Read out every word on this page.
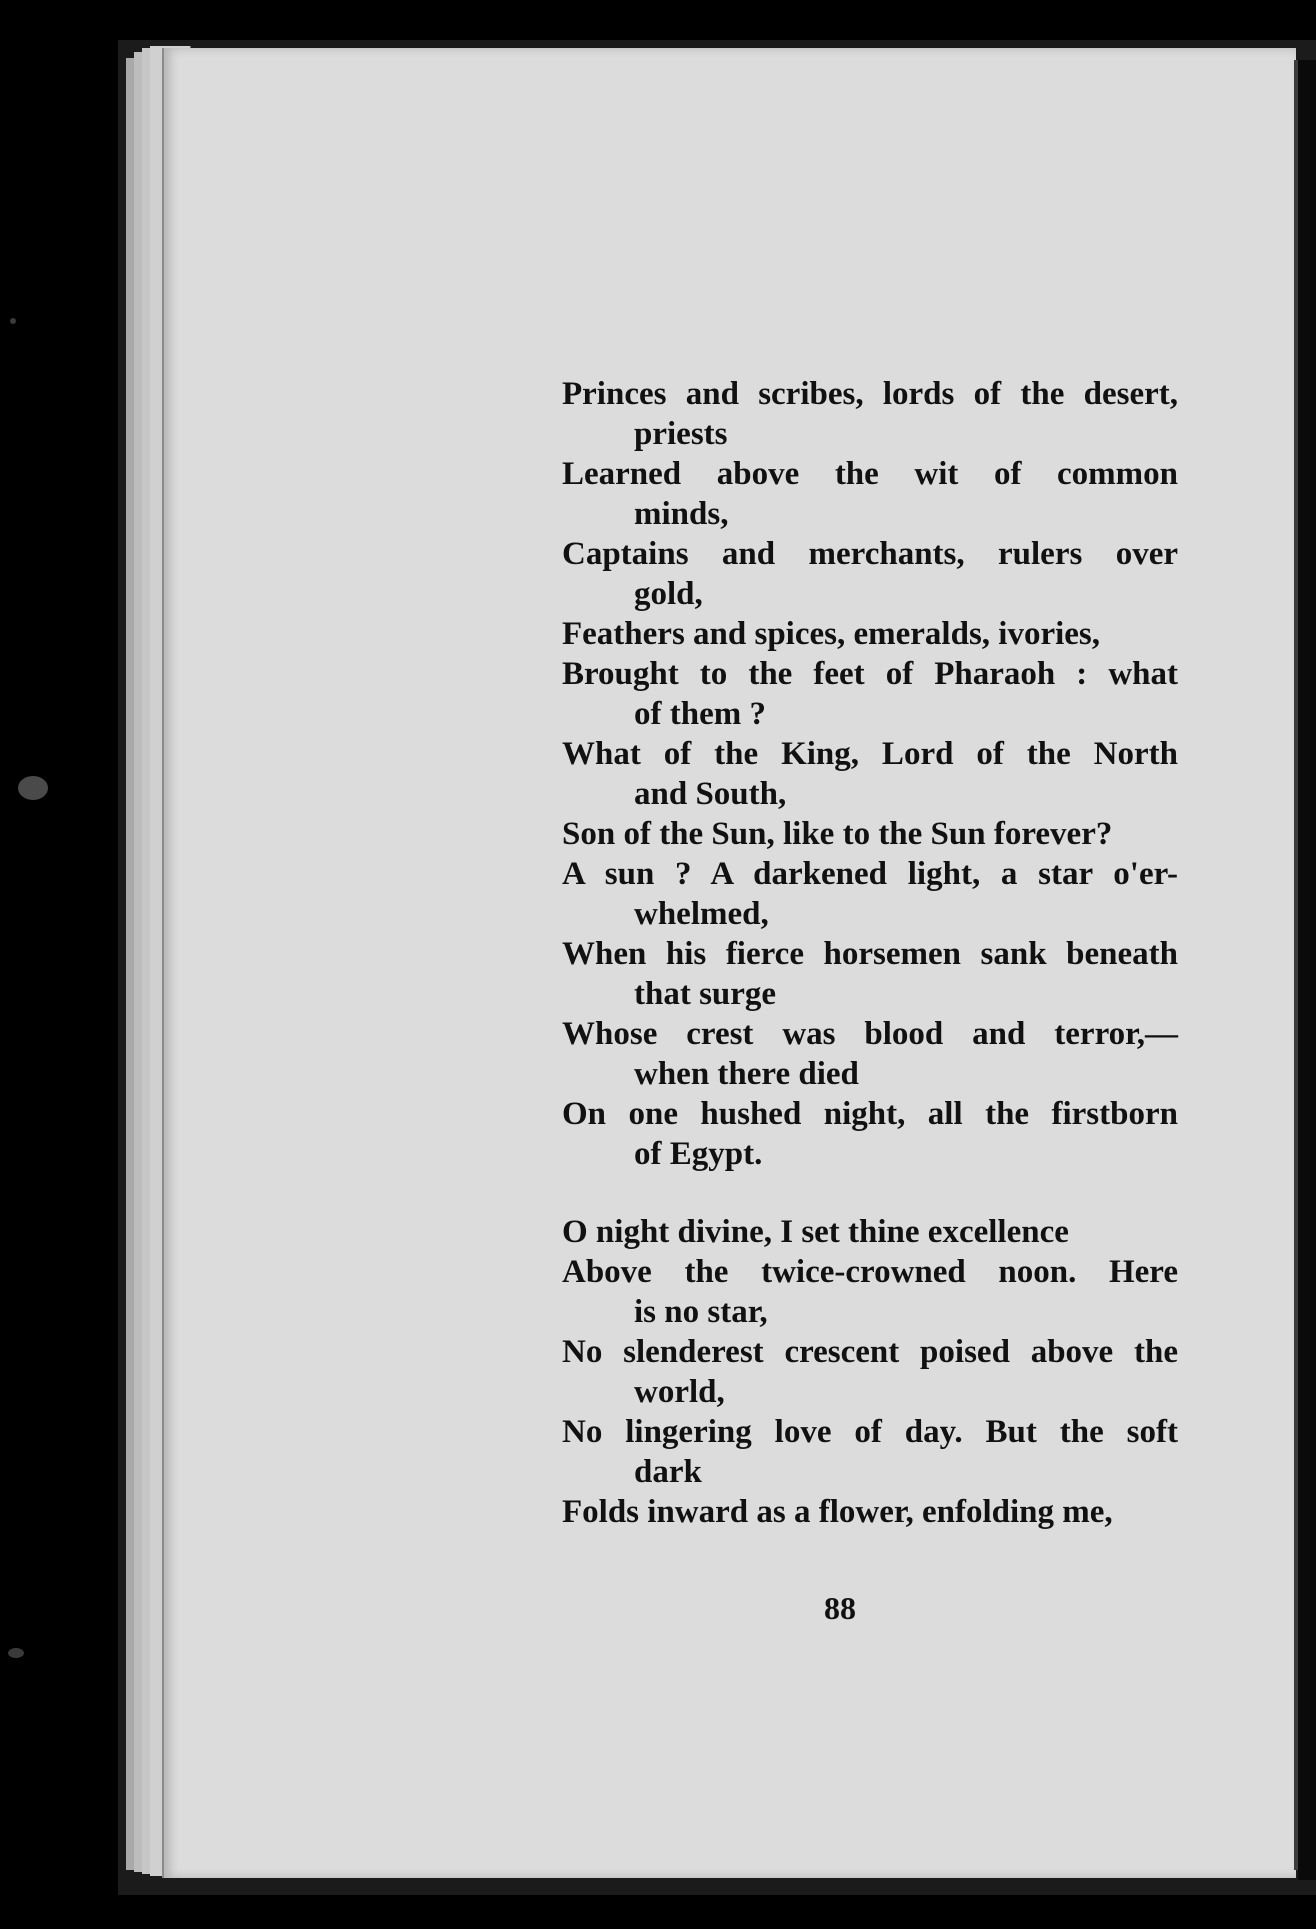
Princes and scribes, lords of the desert,
priests
Learned above the wit of common
minds,
Captains and merchants, rulers over
gold,
Feathers and spices, emeralds, ivories,
Brought to the feet of Pharaoh : what
of them ?
What of the King, Lord of the North
and South,
Son of the Sun, like to the Sun forever?
A sun ? A darkened light, a star o'er-
whelmed,
When his fierce horsemen sank beneath
that surge
Whose crest was blood and terror,—
when there died
On one hushed night, all the firstborn
of Egypt.
O night divine, I set thine excellence
Above the twice-crowned noon. Here
is no star,
No slenderest crescent poised above the
world,
No lingering love of day. But the soft
dark
Folds inward as a flower, enfolding me,
88
